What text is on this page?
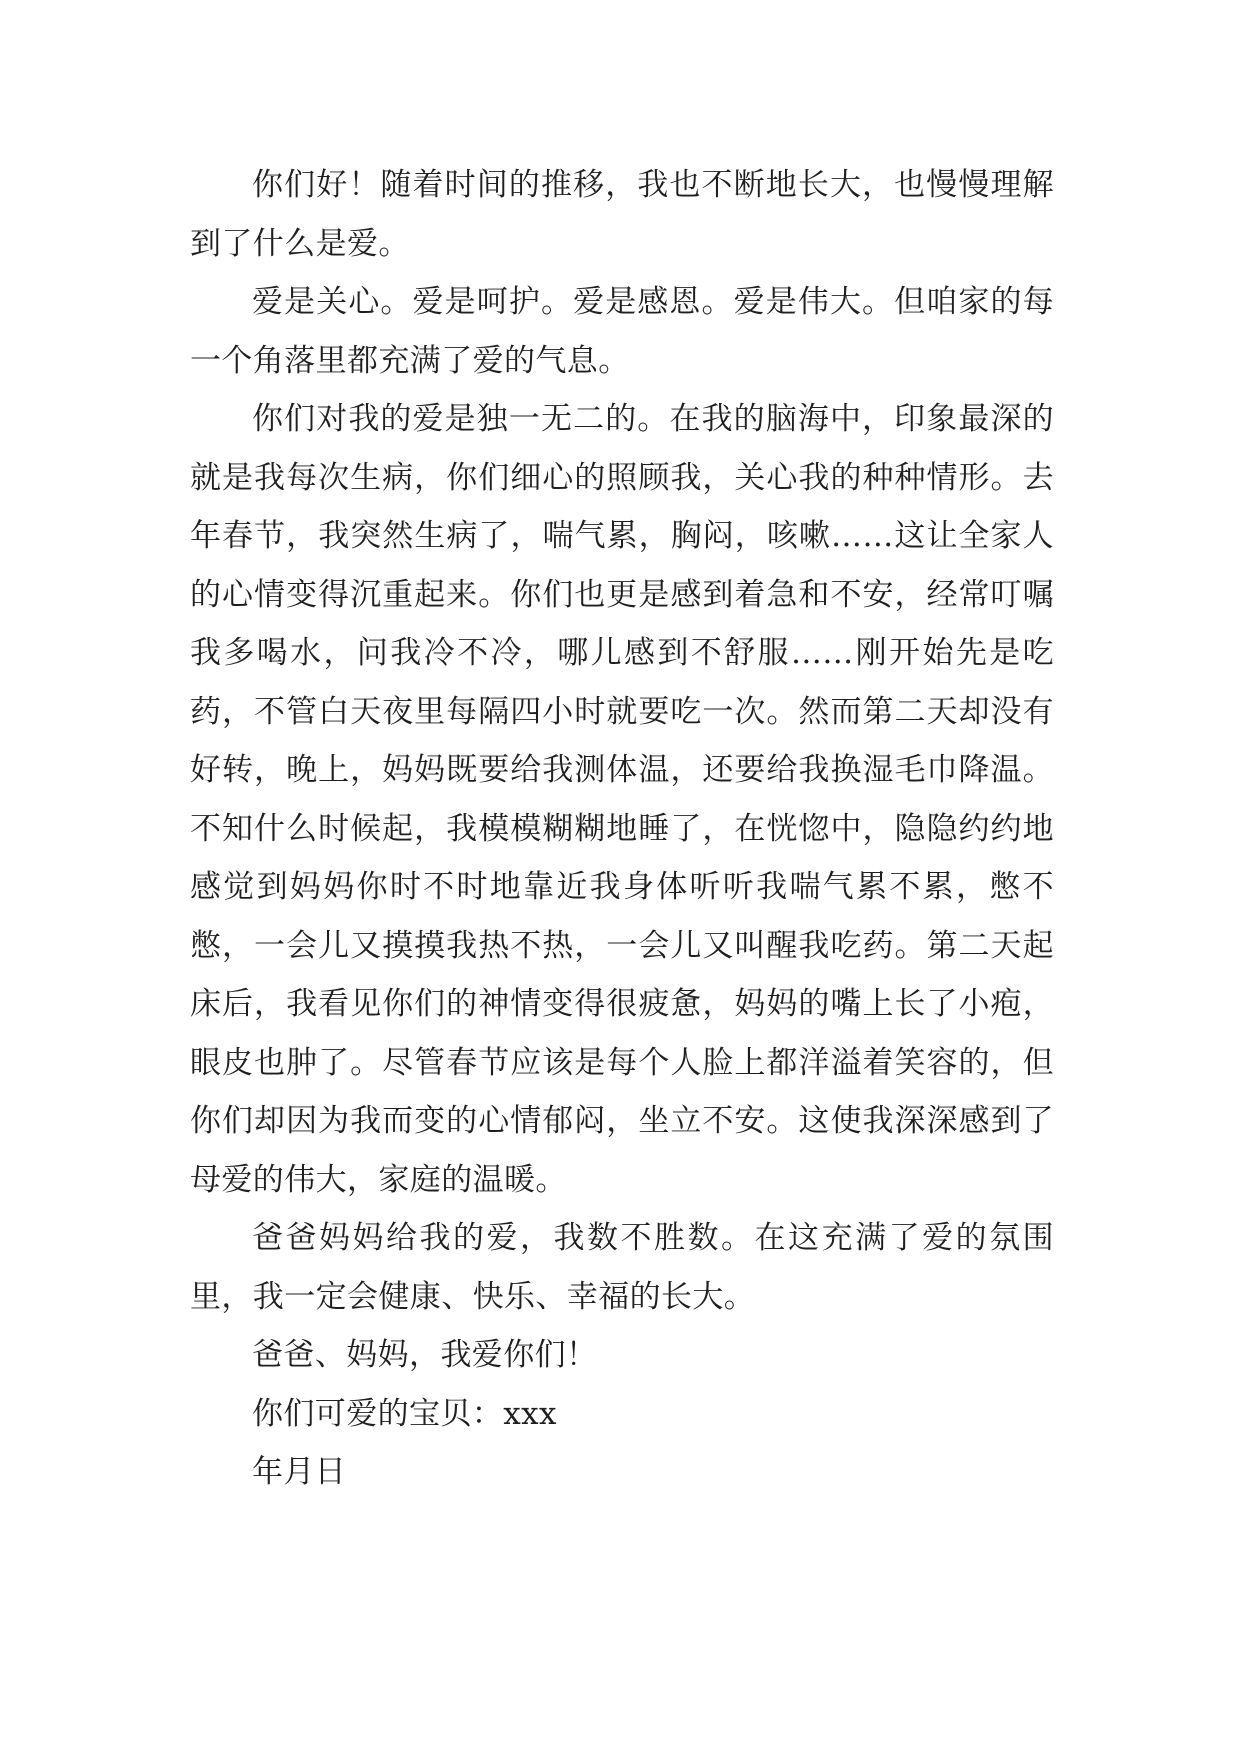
你们好！随着时间的推移，我也不断地长大，也慢慢理解到了什么是爱。

爱是关心。爱是呵护。爱是感恩。爱是伟大。但咱家的每一个角落里都充满了爱的气息。

你们对我的爱是独一无二的。在我的脑海中，印象最深的就是我每次生病，你们细心的照顾我，关心我的种种情形。去年春节，我突然生病了，喘气累，胸闷，咳嗽……这让全家人的心情变得沉重起来。你们也更是感到着急和不安，经常叮嘱我多喝水，问我冷不冷，哪儿感到不舒服……刚开始先是吃药，不管白天夜里每隔四小时就要吃一次。然而第二天却没有好转，晚上，妈妈既要给我测体温，还要给我换湿毛巾降温。不知什么时候起，我模模糊糊地睡了，在恍惚中，隐隐约约地感觉到妈妈你时不时地靠近我身体听听我喘气累不累，憋不憋，一会儿又摸摸我热不热，一会儿又叫醒我吃药。第二天起床后，我看见你们的神情变得很疲惫，妈妈的嘴上长了小疱，眼皮也肿了。尽管春节应该是每个人脸上都洋溢着笑容的，但你们却因为我而变的心情郁闷，坐立不安。这使我深深感到了母爱的伟大，家庭的温暖。

爸爸妈妈给我的爱，我数不胜数。在这充满了爱的氛围里，我一定会健康、快乐、幸福的长大。

爸爸、妈妈，我爱你们！

你们可爱的宝贝：xxx

年月日
